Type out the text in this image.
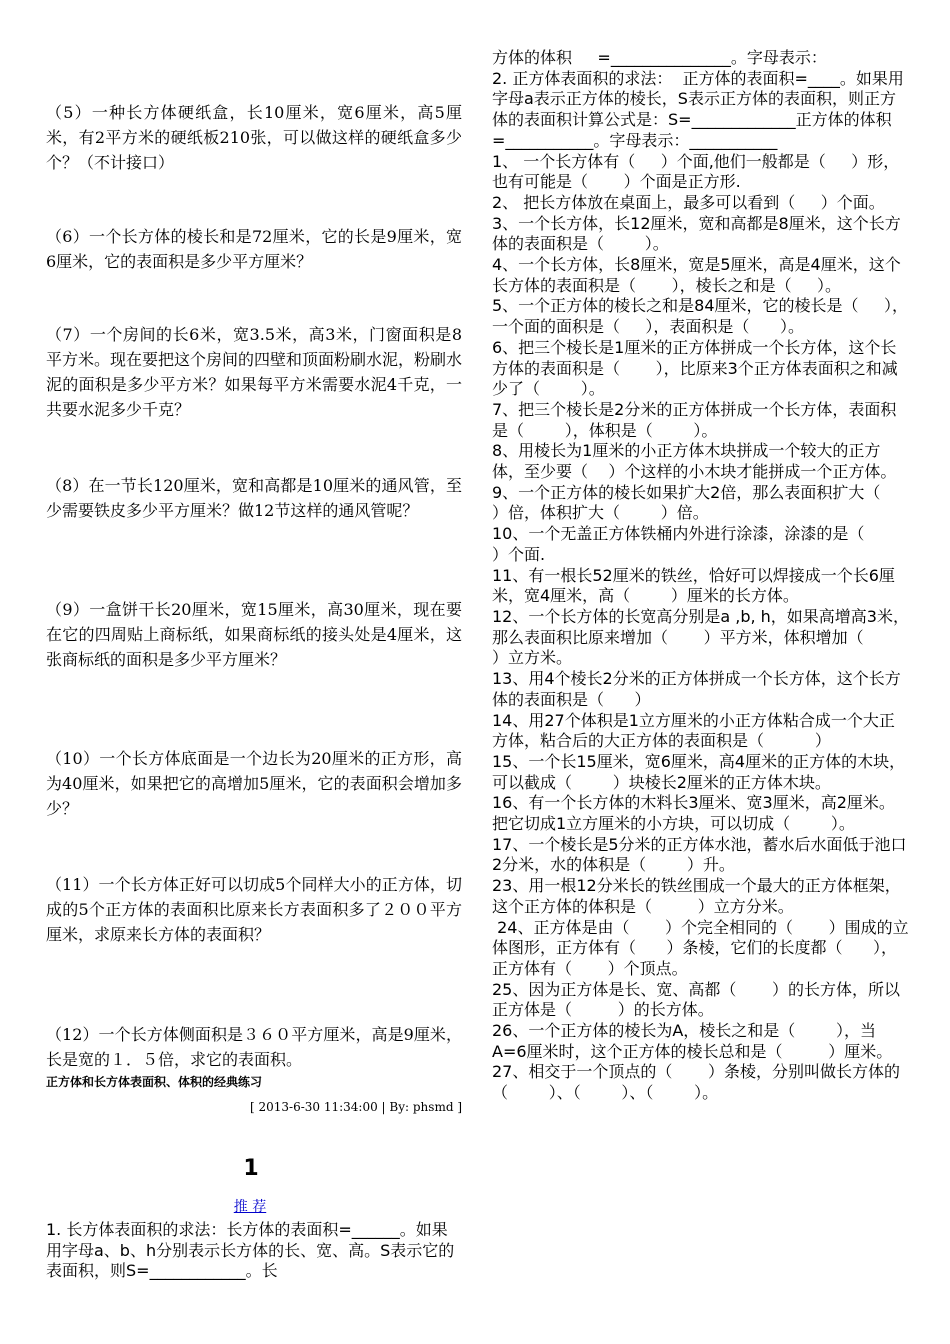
（5）一种长方体硬纸盒，长10厘米，宽6厘米，高5厘米，有2平方米的硬纸板210张，可以做这样的硬纸盒多少个？（不计接口）
（6）一个长方体的棱长和是72厘米，它的长是9厘米，宽6厘米，它的表面积是多少平方厘米？
（7）一个房间的长6米，宽3.5米，高3米，门窗面积是8平方米。现在要把这个房间的四壁和顶面粉刷水泥，粉刷水泥的面积是多少平方米？如果每平方米需要水泥4千克，一共要水泥多少千克？
（8）在一节长120厘米，宽和高都是10厘米的通风管，至少需要铁皮多少平方厘米？做12节这样的通风管呢？
（9）一盒饼干长20厘米，宽15厘米，高30厘米，现在要在它的四周贴上商标纸，如果商标纸的接头处是4厘米，这张商标纸的面积是多少平方厘米？
（10）一个长方体底面是一个边长为20厘米的正方形，高为40厘米，如果把它的高增加5厘米，它的表面积会增加多少？
（11）一个长方体正好可以切成5个同样大小的正方体，切成的5个正方体的表面积比原来长方表面积多了２００平方厘米，求原来长方体的表面积？
（12）一个长方体侧面积是３６０平方厘米，高是9厘米，长是宽的１．５倍，求它的表面积。
正方体和长方体表面积、体积的经典练习
[ 2013-6-30 11:34:00 | By: phsmd ]
1
推 荐
1. 长方体表面积的求法：长方体的表面积=______。如果用字母a、b、h分别表示长方体的长、宽、高。S表示它的表面积，则S=____________。长
方体的体积     =_______________。字母表示：
2. 正方体表面积的求法：  正方体的表面积=____。如果用字母a表示正方体的棱长，S表示正方体的表面积，则正方体的表面积计算公式是：S=_____________正方体的体积=___________。字母表示：___________
1、 一个长方体有（     ）个面,他们一般都是（     ）形，也有可能是（       ）个面是正方形.
2、 把长方体放在桌面上，最多可以看到（     ）个面。
3、一个长方体，长12厘米，宽和高都是8厘米，这个长方体的表面积是（        ）。
4、一个长方体，长8厘米，宽是5厘米，高是4厘米，这个长方体的表面积是（       ），棱长之和是（     ）。
5、一个正方体的棱长之和是84厘米，它的棱长是（     ），一个面的面积是（     ），表面积是（      ）。
6、把三个棱长是1厘米的正方体拼成一个长方体，这个长方体的表面积是（       ），比原来3个正方体表面积之和减少了（        ）。
7、把三个棱长是2分米的正方体拼成一个长方体，表面积是（        ），体积是（        ）。
8、用棱长为1厘米的小正方体木块拼成一个较大的正方体，至少要（    ）个这样的小木块才能拼成一个正方体。
9、一个正方体的棱长如果扩大2倍，那么表面积扩大（        ）倍，体积扩大（        ）倍。
10、一个无盖正方体铁桶内外进行涂漆，涂漆的是（        ）个面.
11、有一根长52厘米的铁丝，恰好可以焊接成一个长6厘米，宽4厘米，高（        ）厘米的长方体。
12、一个长方体的长宽高分别是a ,b, h，如果高增高3米，那么表面积比原来增加（       ）平方米，体积增加（         ）立方米。
13、用4个棱长2分米的正方体拼成一个长方体，这个长方体的表面积是（      ）
14、用27个体积是1立方厘米的小正方体粘合成一个大正方体，粘合后的大正方体的表面积是（          ）
15、一个长15厘米，宽6厘米，高4厘米的正方体的木块，可以截成（        ）块棱长2厘米的正方体木块。
16、有一个长方体的木料长3厘米、宽3厘米，高2厘米。把它切成1立方厘米的小方块，可以切成（        ）。
17、一个棱长是5分米的正方体水池，蓄水后水面低于池口2分米，水的体积是（        ）升。
23、用一根12分米长的铁丝围成一个最大的正方体框架，这个正方体的体积是（         ）立方分米。
24、正方体是由（       ）个完全相同的（       ）围成的立体图形，正方体有（      ）条棱，它们的长度都（      ），正方体有（       ）个顶点。
25、因为正方体是长、宽、高都（       ）的长方体，所以正方体是（         ）的长方体。
26、一个正方体的棱长为A，棱长之和是（        ），当A=6厘米时，这个正方体的棱长总和是（         ）厘米。
27、相交于一个顶点的（       ）条棱，分别叫做长方体的（        ）、（        ）、（        ）。
